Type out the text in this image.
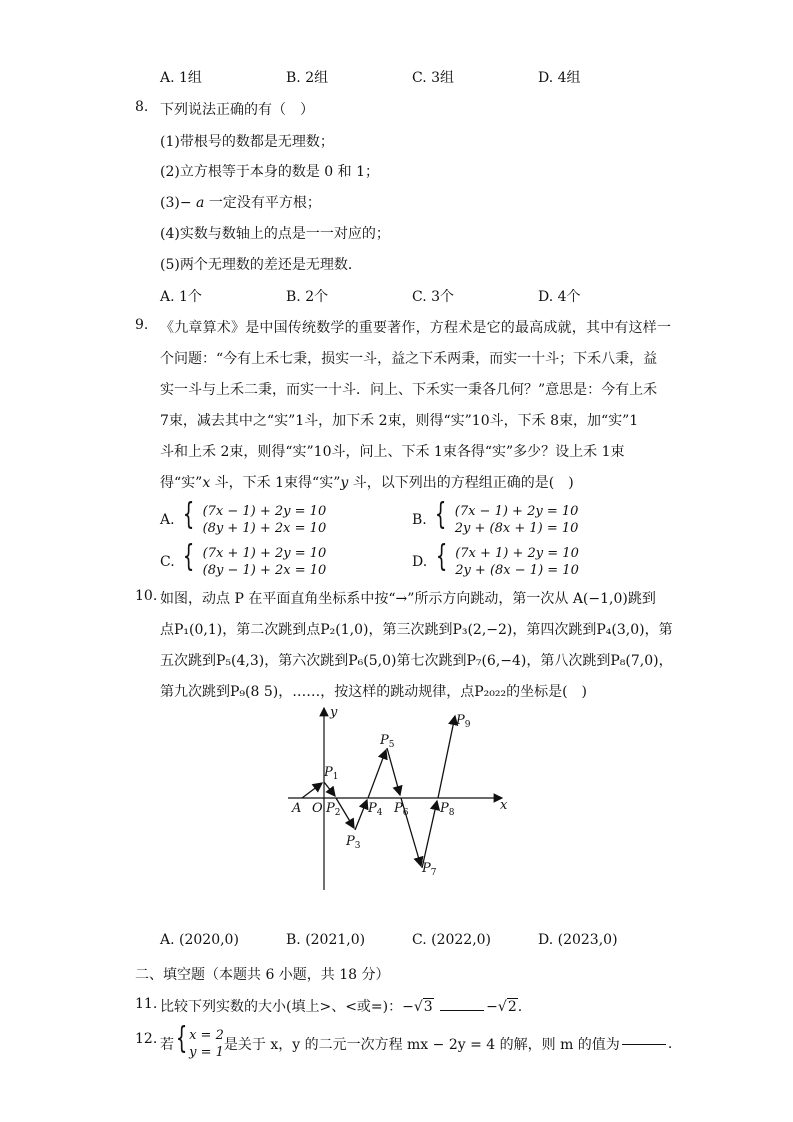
A. 1组	B. 2组	C. 3组	D. 4组
8. 下列说法正确的有（　）
(1)带根号的数都是无理数；
(2)立方根等于本身的数是 0 和 1；
(3)− a 一定没有平方根；
(4)实数与数轴上的点是一一对应的；
(5)两个无理数的差还是无理数．
A. 1个	B. 2个	C. 3个	D. 4个
9. 《九章算术》是中国传统数学的重要著作，方程术是它的最高成就，其中有这样一
个问题：“今有上禾七秉，损实一斗，益之下禾两秉，而实一十斗；下禾八秉，益
实一斗与上禾二秉，而实一十斗．问上、下禾实一秉各几何？”意思是：今有上禾
7束，减去其中之“实”1斗，加下禾 2束，则得“实”10斗，下禾 8束，加“实”1
斗和上禾 2束，则得“实”10斗，问上、下禾 1束各得“实”多少？设上禾 1束
得“实”x 斗，下禾 1束得“实”y 斗，以下列出的方程组正确的是(　)
A. { (7x − 1) + 2y = 10
(8y + 1) + 2x = 10
B. { (7x − 1) + 2y = 10
2y + (8x + 1) = 10
C. { (7x + 1) + 2y = 10
(8y − 1) + 2x = 10
D. { (7x + 1) + 2y = 10
2y + (8x − 1) = 10
10. 如图，动点 P 在平面直角坐标系中按“→”所示方向跳动，第一次从 A(−1,0)跳到
点P₁(0,1)，第二次跳到点P₂(1,0)，第三次跳到P₃(2,−2)，第四次跳到P₄(3,0)，第
五次跳到P₅(4,3)，第六次跳到P₆(5,0)第七次跳到P₇(6,−4)，第八次跳到P₈(7,0)，
第九次跳到P₉(8 5)，……，按这样的跳动规律，点P₂₀₂₂的坐标是(　)
y
x
A O
$P_1$
$P_2$
$P_3$
$P_4$
$P_5$
$P_6$
$P_7$
$P_8$
$P_9$
A. (2020,0)	B. (2021,0)	C. (2022,0)	D. (2023,0)
二、填空题（本题共 6 小题，共 18 分）
11. 比较下列实数的大小(填上>、<或=)：−√3	−√2.
12. 若{ x = 2
y = 1是关于 x，y 的二元一次方程 mx − 2y = 4 的解，则 m 的值为	.
